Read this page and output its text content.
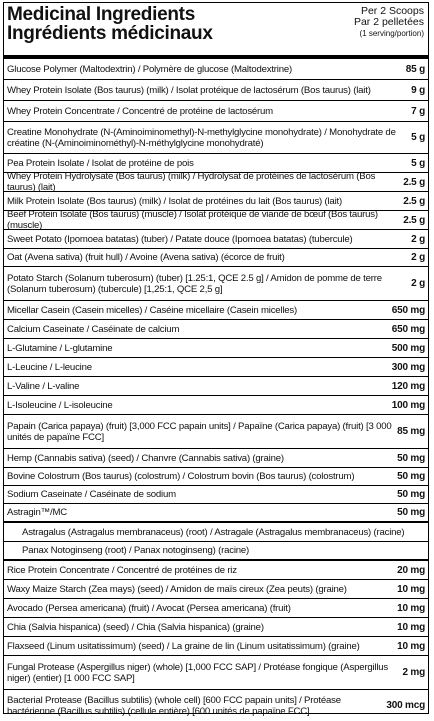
Medicinal Ingredients
Ingrédients médicinaux
Per 2 Scoops
Par 2 pelletées
(1 serving/portion)
Glucose Polymer (Maltodextrin) / Polymère de glucose (Maltodextrine)	85 g
Whey Protein Isolate (Bos taurus) (milk) / Isolat protéique de lactosérum (Bos taurus) (lait)	9 g
Whey Protein Concentrate / Concentré de protéine de lactosérum	7 g
Creatine Monohydrate (N-(Aminoiminomethyl)-N-methylglycine monohydrate) / Monohydrate de créatine (N-(Aminoiminométhyl)-N-méthylglycine monohydraté)	5 g
Pea Protein Isolate / Isolat de protéine de pois	5 g
Whey Protein Hydrolysate (Bos taurus) (milk) / Hydrolysat de protéines de lactosérum (Bos taurus) (lait)	2.5 g
Milk Protein Isolate (Bos taurus) (milk) / Isolat de protéines du lait (Bos taurus) (lait)	2.5 g
Beef Protein Isolate (Bos taurus) (muscle) / Isolat protéique de viande de bœuf (Bos taurus) (muscle)	2.5 g
Sweet Potato (Ipomoea batatas) (tuber) / Patate douce (Ipomoea batatas) (tubercule)	2 g
Oat (Avena sativa) (fruit hull) / Avoine (Avena sativa) (écorce de fruit)	2 g
Potato Starch (Solanum tuberosum) (tuber) [1.25:1, QCE 2.5 g] / Amidon de pomme de terre (Solanum tuberosum) (tubercule) [1,25:1, QCE 2,5 g]	2 g
Micellar Casein (Casein micelles) / Caséine micellaire (Casein micelles)	650 mg
Calcium Caseinate / Caséinate de calcium	650 mg
L-Glutamine / L-glutamine	500 mg
L-Leucine / L-leucine	300 mg
L-Valine / L-valine	120 mg
L-Isoleucine / L-isoleucine	100 mg
Papain (Carica papaya) (fruit) [3,000 FCC papain units] / Papaïne (Carica papaya) (fruit) [3 000 unités de papaïne FCC]	85 mg
Hemp (Cannabis sativa) (seed) / Chanvre (Cannabis sativa) (graine)	50 mg
Bovine Colostrum (Bos taurus) (colostrum) / Colostrum bovin (Bos taurus) (colostrum)	50 mg
Sodium Caseinate / Caséinate de sodium	50 mg
Astragin™/MC	50 mg
Astragalus (Astragalus membranaceus) (root) / Astragale (Astragalus membranaceus) (racine)
Panax Notoginseng (root) / Panax notoginseng) (racine)
Rice Protein Concentrate / Concentré de protéines de riz	20 mg
Waxy Maize Starch (Zea mays) (seed) / Amidon de maïs cireux (Zea peuts) (graine)	10 mg
Avocado (Persea americana) (fruit) / Avocat (Persea americana) (fruit)	10 mg
Chia (Salvia hispanica) (seed) / Chia (Salvia hispanica) (graine)	10 mg
Flaxseed (Linum usitatissimum) (seed) / La graine de lin (Linum usitatissimum) (graine)	10 mg
Fungal Protease (Aspergillus niger) (whole) [1,000 FCC SAP] / Protéase fongique (Aspergillus niger) (entier) [1 000 FCC SAP]	2 mg
Bacterial Protease (Bacillus subtilis) (whole cell) [600 FCC papain units] / Protéase bactérienne (Bacillus subtilis) (cellule entière) [600 unités de papaïne FCC]	300 mcg
